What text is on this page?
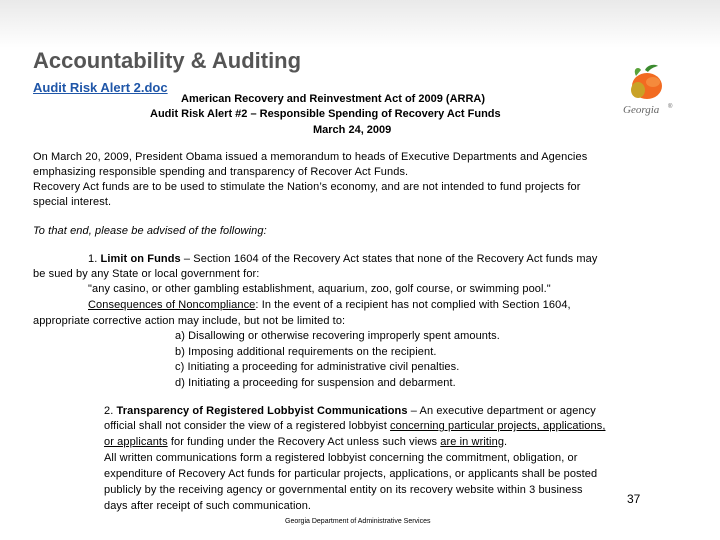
Accountability & Auditing
Audit Risk Alert 2.doc
American Recovery and Reinvestment Act of 2009 (ARRA)
Audit Risk Alert #2 – Responsible Spending of Recovery Act Funds
March 24, 2009
Georgia ®
On March 20, 2009, President Obama issued a memorandum to heads of Executive Departments and Agencies
emphasizing responsible spending and transparency of Recover Act Funds.
Recovery Act funds are to be used to stimulate the Nation’s economy, and are not intended to fund projects for
special interest.
To that end, please be advised of the following:
1. Limit on Funds – Section 1604 of the Recovery Act states that none of the Recovery Act funds may
be sued by any State or local government for:
"any casino, or other gambling establishment, aquarium, zoo, golf course, or swimming pool."
Consequences of Noncompliance: In the event of a recipient has not complied with Section 1604,
appropriate corrective action may include, but not be limited to:
a) Disallowing or otherwise recovering improperly spent amounts.
b) Imposing additional requirements on the recipient.
c) Initiating a proceeding for administrative civil penalties.
d) Initiating a proceeding for suspension and debarment.
2. Transparency of Registered Lobbyist Communications – An executive department or agency
official shall not consider the view of a registered lobbyist concerning particular projects, applications,
or applicants for funding under the Recovery Act unless such views are in writing.
All written communications form a registered lobbyist concerning the commitment, obligation, or
expenditure of Recovery Act funds for particular projects, applications, or applicants shall be posted
publicly by the receiving agency or governmental entity on its recovery website within 3 business
days after receipt of such communication.	37
Georgia Department of Administrative Services
